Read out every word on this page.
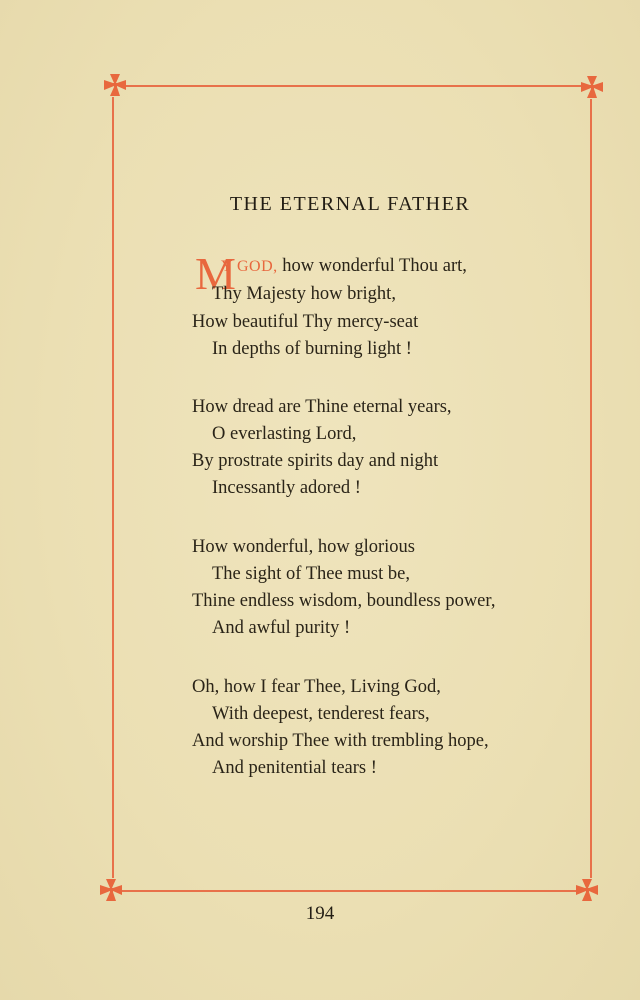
THE ETERNAL FATHER
M
Y GOD, how wonderful Thou art,
Thy Majesty how bright,
How beautiful Thy mercy-seat
In depths of burning light !
How dread are Thine eternal years,
O everlasting Lord,
By prostrate spirits day and night
Incessantly adored !
How wonderful, how glorious
The sight of Thee must be,
Thine endless wisdom, boundless power,
And awful purity !
Oh, how I fear Thee, Living God,
With deepest, tenderest fears,
And worship Thee with trembling hope,
And penitential tears !
194
